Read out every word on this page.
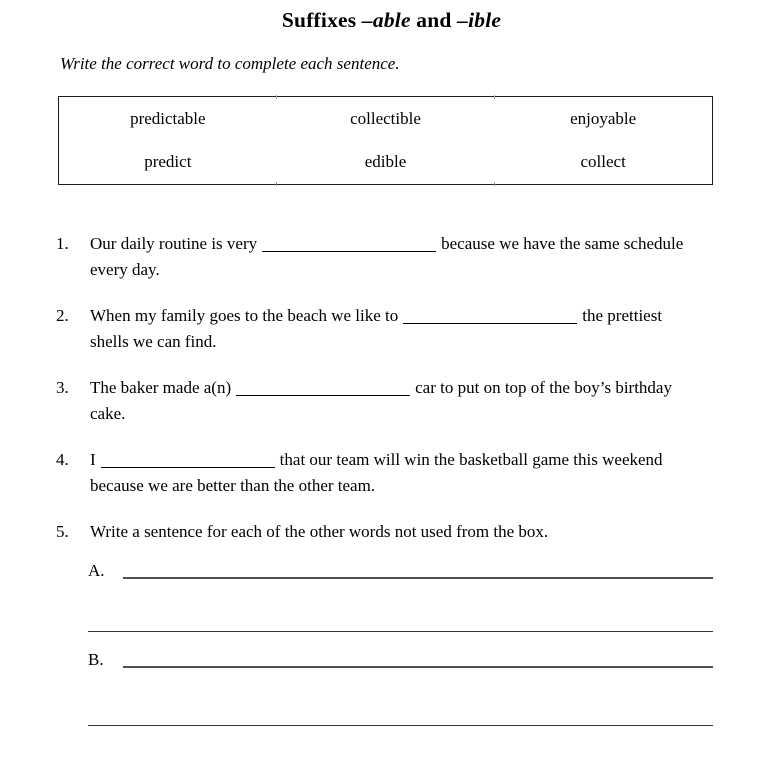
Suffixes –able and –ible

Write the correct word to complete each sentence.

predictable	collectible	enjoyable
predict	edible	collect
1.	Our daily routine is very	because we have the same schedule
every day.
2.	When my family goes to the beach we like to	the prettiest
shells we can find.
3.	The baker made a(n)	car to put on top of the boy’s birthday
cake.
4.	I	that our team will win the basketball game this weekend
because we are better than the other team.
5.	Write a sentence for each of the other words not used from the box.
A.
B.
